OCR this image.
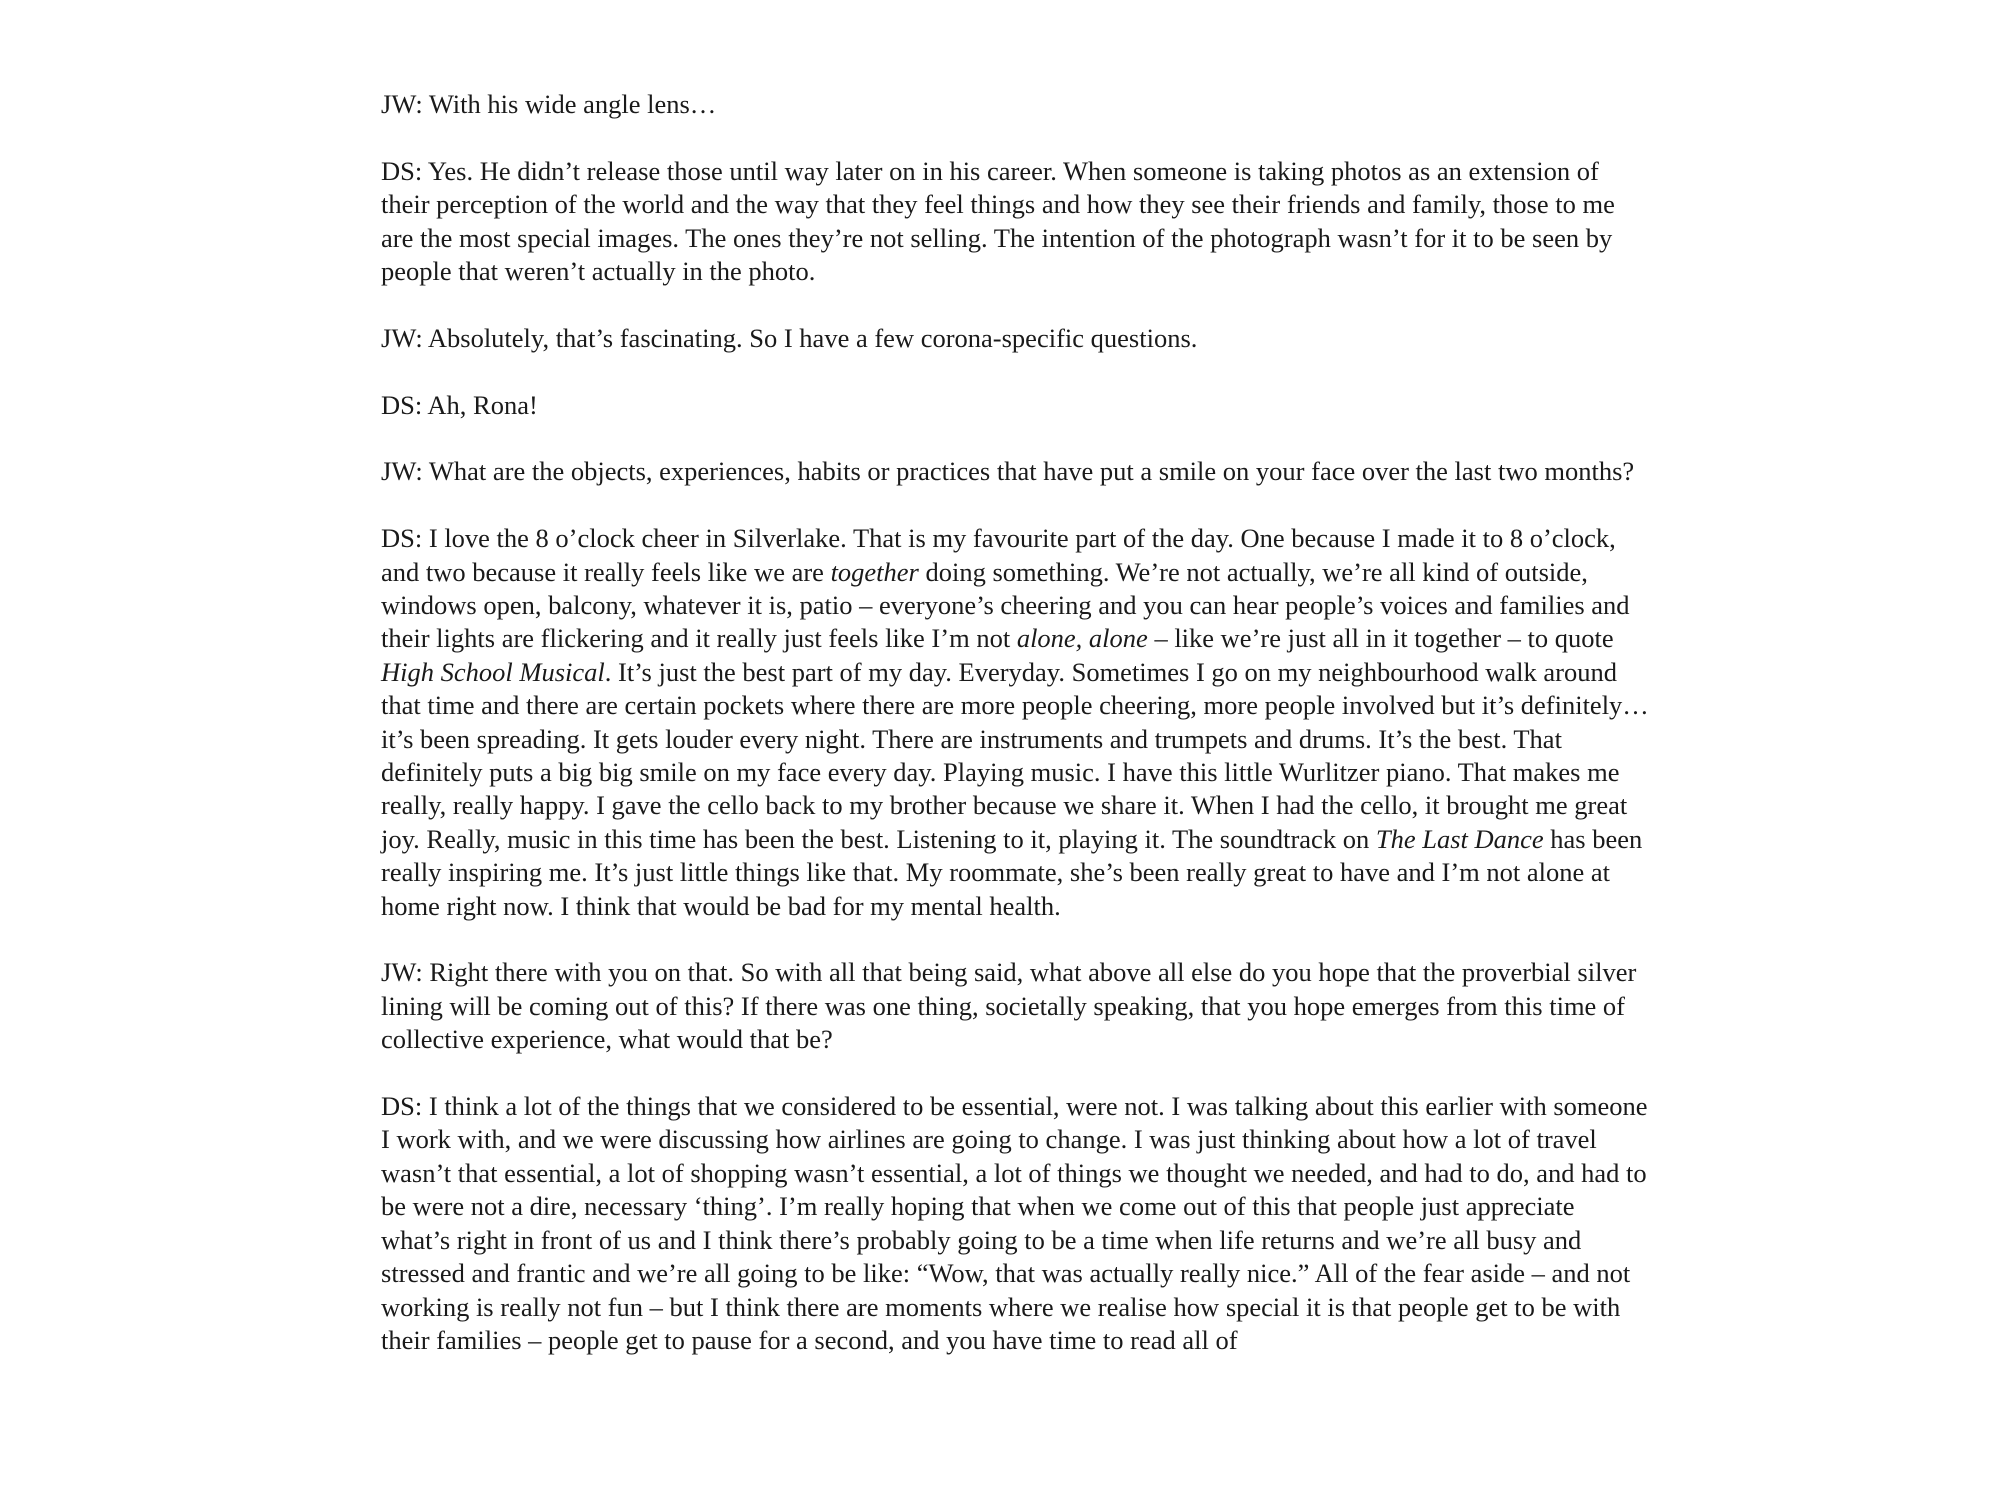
JW: With his wide angle lens…

DS: Yes. He didn’t release those until way later on in his career. When someone is taking photos as an extension of their perception of the world and the way that they feel things and how they see their friends and family, those to me are the most special images. The ones they’re not selling. The intention of the photograph wasn’t for it to be seen by people that weren’t actually in the photo.

JW: Absolutely, that’s fascinating. So I have a few corona-specific questions.

DS: Ah, Rona!

JW: What are the objects, experiences, habits or practices that have put a smile on your face over the last two months?

DS: I love the 8 o’clock cheer in Silverlake. That is my favourite part of the day. One because I made it to 8 o’clock, and two because it really feels like we are together doing something. We’re not actually, we’re all kind of outside, windows open, balcony, whatever it is, patio – everyone’s cheering and you can hear people’s voices and families and their lights are flickering and it really just feels like I’m not alone, alone – like we’re just all in it together – to quote High School Musical. It’s just the best part of my day. Everyday. Sometimes I go on my neighbourhood walk around that time and there are certain pockets where there are more people cheering, more people involved but it’s definitely… it’s been spreading. It gets louder every night. There are instruments and trumpets and drums. It’s the best. That definitely puts a big big smile on my face every day. Playing music. I have this little Wurlitzer piano. That makes me really, really happy. I gave the cello back to my brother because we share it. When I had the cello, it brought me great joy. Really, music in this time has been the best. Listening to it, playing it. The soundtrack on The Last Dance has been really inspiring me. It’s just little things like that. My roommate, she’s been really great to have and I’m not alone at home right now. I think that would be bad for my mental health.

JW: Right there with you on that. So with all that being said, what above all else do you hope that the proverbial silver lining will be coming out of this? If there was one thing, societally speaking, that you hope emerges from this time of collective experience, what would that be?

DS: I think a lot of the things that we considered to be essential, were not. I was talking about this earlier with someone I work with, and we were discussing how airlines are going to change. I was just thinking about how a lot of travel wasn’t that essential, a lot of shopping wasn’t essential, a lot of things we thought we needed, and had to do, and had to be were not a dire, necessary ‘thing’. I’m really hoping that when we come out of this that people just appreciate what’s right in front of us and I think there’s probably going to be a time when life returns and we’re all busy and stressed and frantic and we’re all going to be like: “Wow, that was actually really nice.” All of the fear aside – and not working is really not fun – but I think there are moments where we realise how special it is that people get to be with their families – people get to pause for a second, and you have time to read all of
